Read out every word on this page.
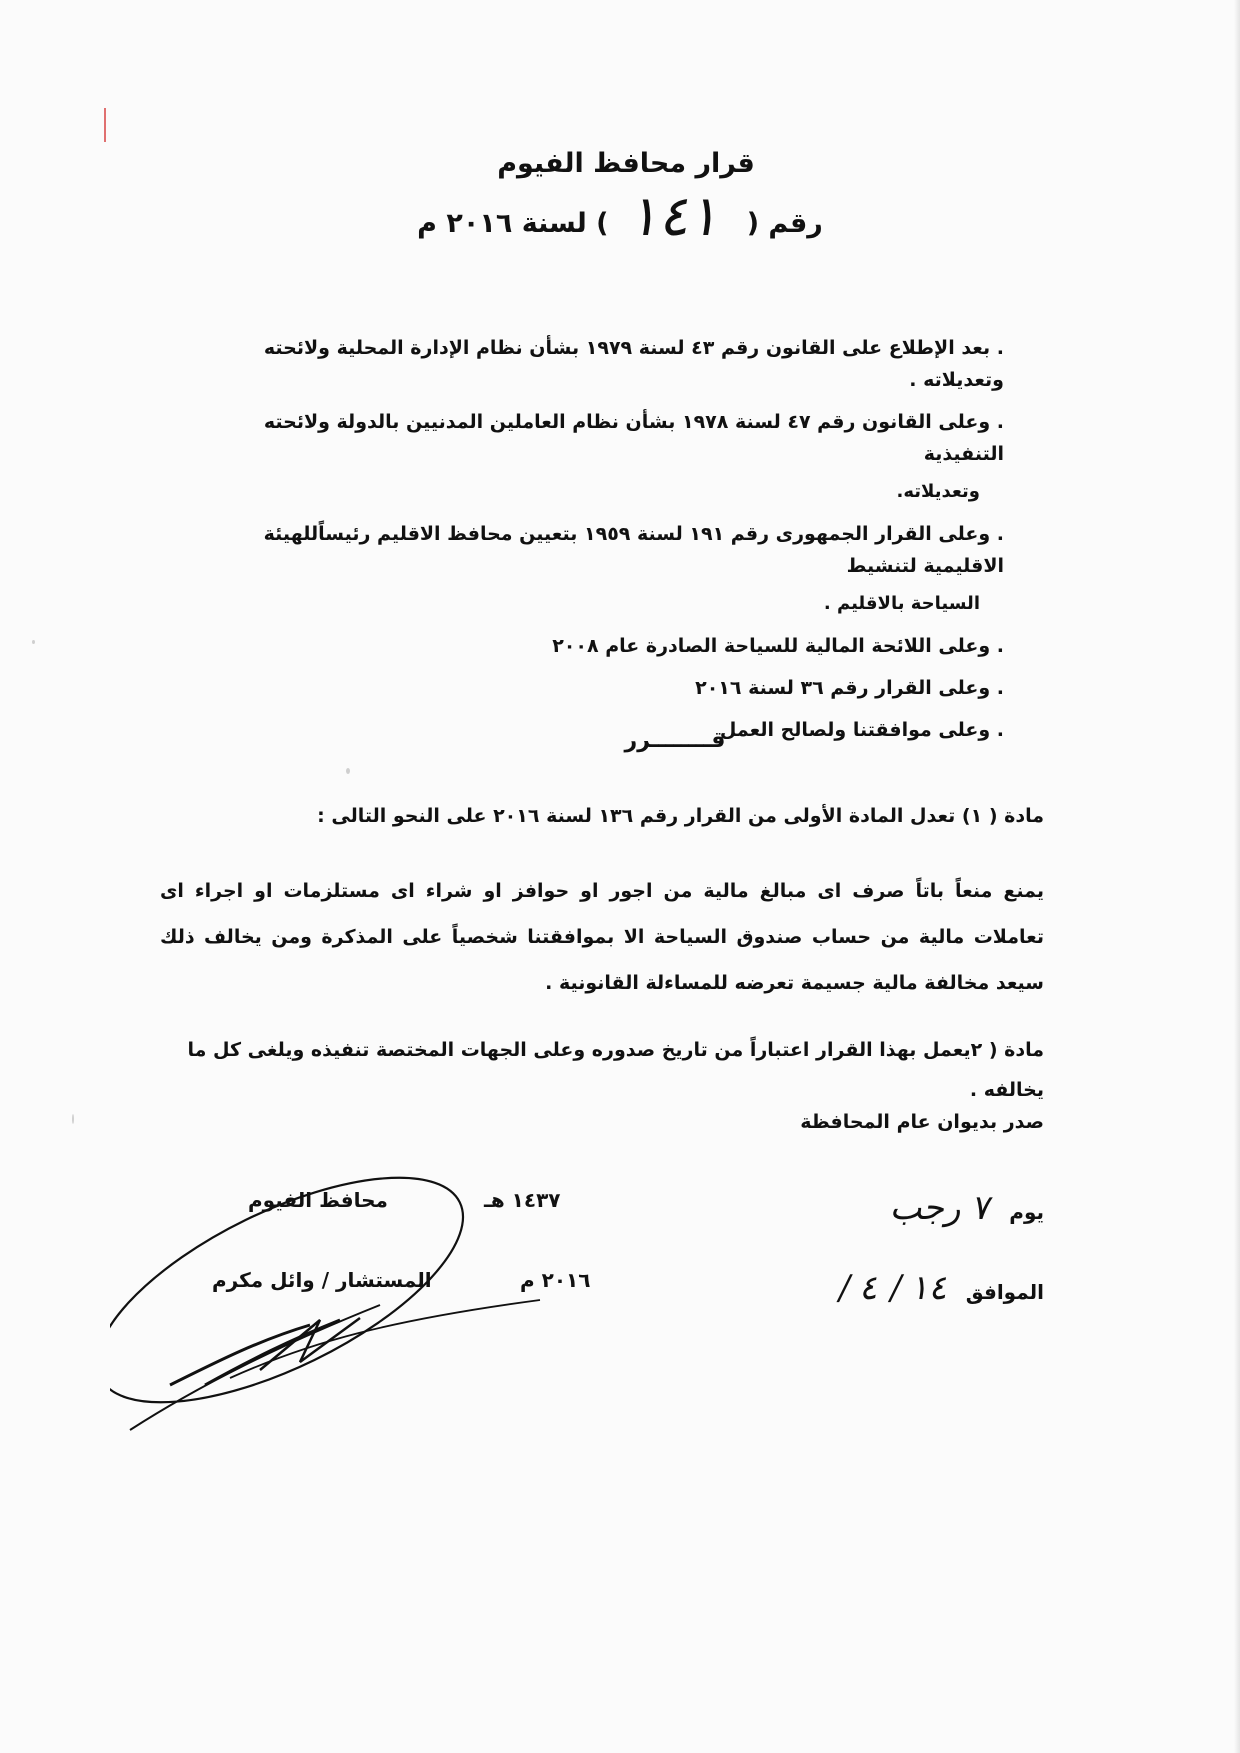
قرار محافظ الفيوم
رقم (
١٤١
) لسنة ٢٠١٦ م
. بعد الإطلاع على القانون رقم ٤٣ لسنة ١٩٧٩ بشأن نظام الإدارة المحلية ولائحته وتعديلاته .
. وعلى القانون رقم ٤٧ لسنة ١٩٧٨ بشأن نظام العاملين المدنيين بالدولة ولائحته التنفيذية
وتعديلاته.
. وعلى القرار الجمهورى رقم ١٩١ لسنة ١٩٥٩ بتعيين محافظ الاقليم رئيساًللهيئة الاقليمية لتنشيط
السياحة بالاقليم .
. وعلى اللائحة المالية للسياحة الصادرة عام ٢٠٠٨
. وعلى القرار رقم ٣٦ لسنة ٢٠١٦
. وعلى موافقتنا ولصالح العمل
قــــــــرر
مادة ( ١) تعدل المادة الأولى من القرار رقم ١٣٦ لسنة ٢٠١٦ على النحو التالى :
يمنع منعاً باتاً صرف اى مبالغ مالية من اجور او حوافز او شراء اى مستلزمات او اجراء اى تعاملات مالية من حساب صندوق السياحة الا بموافقتنا شخصياً على المذكرة ومن يخالف ذلك سيعد مخالفة مالية جسيمة تعرضه للمساءلة القانونية .
مادة ( ٢يعمل بهذا القرار اعتباراً من تاريخ صدوره وعلى الجهات المختصة تنفيذه ويلغى كل ما يخالفه .
صدر بديوان عام المحافظة
يوم ٧ رجب
١٤٣٧ هـ
محافظ الفيوم
الموافق ١٤ / ٤ /
٢٠١٦ م
المستشار / وائل مكرم
